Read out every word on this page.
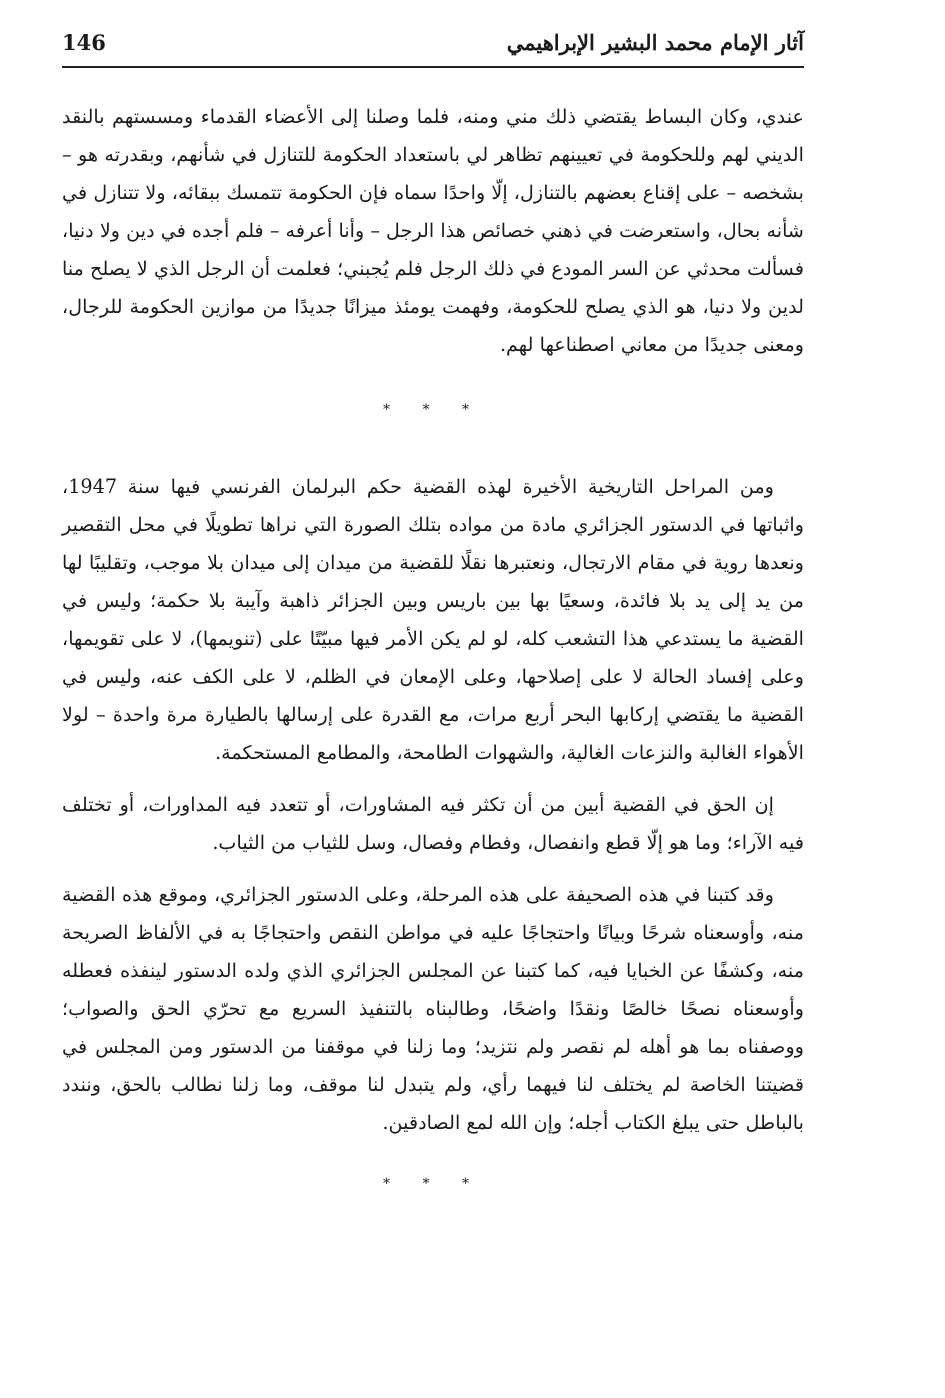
146	آثار الإمام محمد البشير الإبراهيمي

عندي، وكان البساط يقتضي ذلك مني ومنه، فلما وصلنا إلى الأعضاء القدماء ومسستهم بالنقد الديني لهم وللحكومة في تعيينهم تظاهر لي باستعداد الحكومة للتنازل في شأنهم، وبقدرته هو – بشخصه – على إقناع بعضهم بالتنازل، إلّا واحدًا سماه فإن الحكومة تتمسك ببقائه، ولا تتنازل في شأنه بحال، واستعرضت في ذهني خصائص هذا الرجل – وأنا أعرفه – فلم أجده في دين ولا دنيا، فسألت محدثي عن السر المودع في ذلك الرجل فلم يُجبني؛ فعلمت أن الرجل الذي لا يصلح منا لدين ولا دنيا، هو الذي يصلح للحكومة، وفهمت يومئذ ميزانًا جديدًا من موازين الحكومة للرجال، ومعنى جديدًا من معاني اصطناعها لهم.

* * *

ومن المراحل التاريخية الأخيرة لهذه القضية حكم البرلمان الفرنسي فيها سنة 1947، واثباتها في الدستور الجزائري مادة من مواده بتلك الصورة التي نراها تطويلًا في محل التقصير ونعدها روية في مقام الارتجال، ونعتبرها نقلًا للقضية من ميدان إلى ميدان بلا موجب، وتقليبًا لها من يد إلى يد بلا فائدة، وسعيًا بها بين باريس وبين الجزائر ذاهبة وآيبة بلا حكمة؛ وليس في القضية ما يستدعي هذا التشعب كله، لو لم يكن الأمر فيها مبيّتًا على (تنويمها)، لا على تقويمها، وعلى إفساد الحالة لا على إصلاحها، وعلى الإمعان في الظلم، لا على الكف عنه، وليس في القضية ما يقتضي إركابها البحر أربع مرات، مع القدرة على إرسالها بالطيارة مرة واحدة – لولا الأهواء الغالبة والنزعات الغالية، والشهوات الطامحة، والمطامع المستحكمة.

إن الحق في القضية أبين من أن تكثر فيه المشاورات، أو تتعدد فيه المداورات، أو تختلف فيه الآراء؛ وما هو إلّا قطع وانفصال، وفطام وفصال، وسل للثياب من الثياب.

وقد كتبنا في هذه الصحيفة على هذه المرحلة، وعلى الدستور الجزائري، وموقع هذه القضية منه، وأوسعناه شرحًا وبيانًا واحتجاجًا عليه في مواطن النقص واحتجاجًا به في الألفاظ الصريحة منه، وكشفًا عن الخبايا فيه، كما كتبنا عن المجلس الجزائري الذي ولده الدستور لينفذه فعطله وأوسعناه نصحًا خالصًا ونقدًا واضحًا، وطالبناه بالتنفيذ السريع مع تحرّي الحق والصواب؛ ووصفناه بما هو أهله لم نقصر ولم نتزيد؛ وما زلنا في موقفنا من الدستور ومن المجلس في قضيتنا الخاصة لم يختلف لنا فيهما رأي، ولم يتبدل لنا موقف، وما زلنا نطالب بالحق، ونندد بالباطل حتى يبلغ الكتاب أجله؛ وإن الله لمع الصادقين.

* * *
